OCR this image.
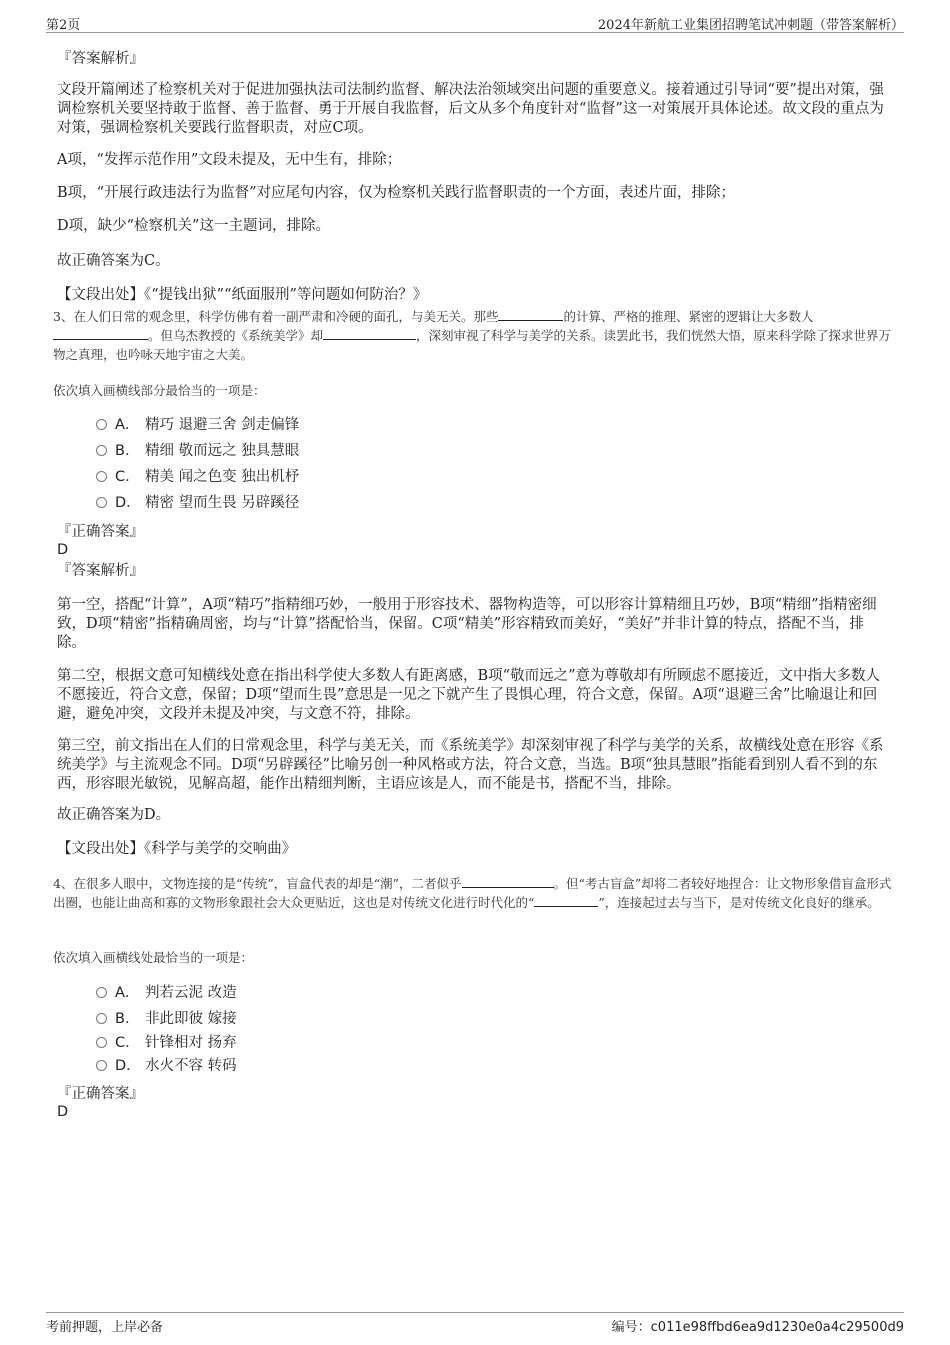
第2页	2024年新航工业集团招聘笔试冲刺题（带答案解析）
『答案解析』

文段开篇阐述了检察机关对于促进加强执法司法制约监督、解决法治领域突出问题的重要意义。接着通过引导词“要”提出对策，强调检察机关要坚持敢于监督、善于监督、勇于开展自我监督，后文从多个角度针对“监督”这一对策展开具体论述。故文段的重点为对策，强调检察机关要践行监督职责，对应C项。

A项，“发挥示范作用”文段未提及，无中生有，排除；

B项，“开展行政违法行为监督”对应尾句内容，仅为检察机关践行监督职责的一个方面，表述片面，排除；

D项，缺少“检察机关”这一主题词，排除。

故正确答案为C。

【文段出处】《“提钱出狱”“纸面服刑”等问题如何防治？》

3、在人们日常的观念里，科学仿佛有着一副严肃和冷硬的面孔，与美无关。那些	的计算、严格的推理、紧密的逻辑让大多数人。但乌杰教授的《系统美学》却	，深刻审视了科学与美学的关系。读罢此书，我们恍然大悟，原来科学除了探求世界万物之真理，也吟咏天地宇宙之大美。

依次填入画横线部分最恰当的一项是：

A． 精巧 退避三舍 剑走偏锋
B． 精细 敬而远之 独具慧眼
C． 精美 闻之色变 独出机杼
D． 精密 望而生畏 另辟蹊径
『正确答案』
D
『答案解析』

第一空，搭配“计算”，A项“精巧”指精细巧妙，一般用于形容技术、器物构造等，可以形容计算精细且巧妙，B项“精细”指精密细致，D项“精密”指精确周密，均与“计算”搭配恰当，保留。C项“精美”形容精致而美好，“美好”并非计算的特点，搭配不当，排除。

第二空，根据文意可知横线处意在指出科学使大多数人有距离感，B项“敬而远之”意为尊敬却有所顾虑不愿接近，文中指大多数人不愿接近，符合文意，保留；D项“望而生畏”意思是一见之下就产生了畏惧心理，符合文意，保留。A项“退避三舍”比喻退让和回避，避免冲突，文段并未提及冲突，与文意不符，排除。

第三空，前文指出在人们的日常观念里，科学与美无关，而《系统美学》却深刻审视了科学与美学的关系，故横线处意在形容《系统美学》与主流观念不同。D项“另辟蹊径”比喻另创一种风格或方法，符合文意，当选。B项“独具慧眼”指能看到别人看不到的东西，形容眼光敏锐，见解高超，能作出精细判断，主语应该是人，而不能是书，搭配不当，排除。

故正确答案为D。

【文段出处】《科学与美学的交响曲》

4、在很多人眼中，文物连接的是“传统”，盲盒代表的却是“潮”，二者似乎	。但“考古盲盒”却将二者较好地捏合：让文物形象借盲盒形式出圈，也能让曲高和寡的文物形象跟社会大众更贴近，这也是对传统文化进行时代化的“	”，连接起过去与当下，是对传统文化良好的继承。

依次填入画横线处最恰当的一项是：

A． 判若云泥 改造
B． 非此即彼 嫁接
C． 针锋相对 扬弃
D． 水火不容 转码
『正确答案』
D
考前押题，上岸必备	编号：c011e98ffbd6ea9d1230e0a4c29500d9
